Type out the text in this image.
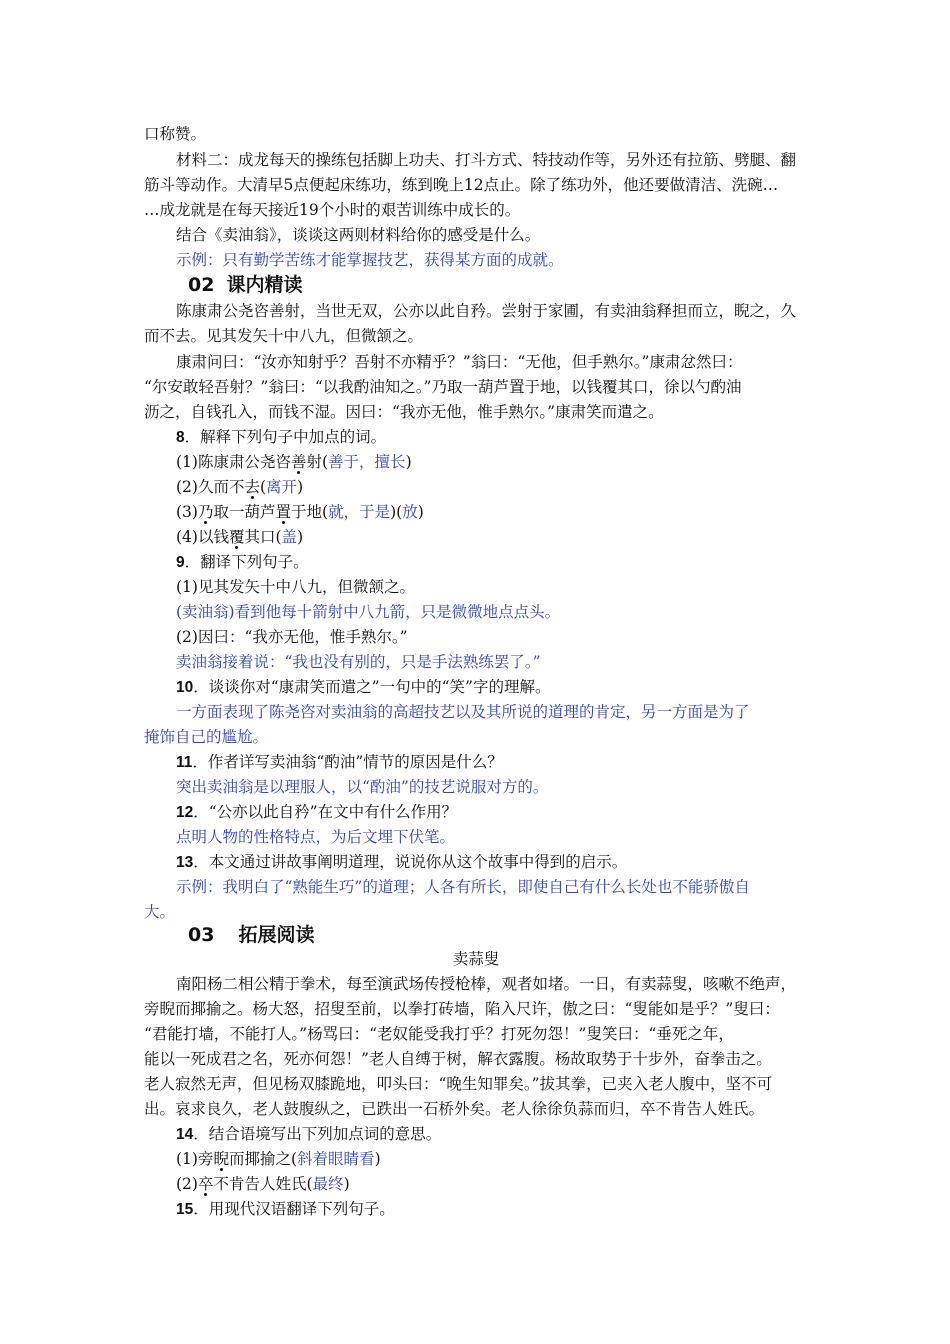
口称赞。
材料二：成龙每天的操练包括脚上功夫、打斗方式、特技动作等，另外还有拉筋、劈腿、翻
筋斗等动作。大清早5点便起床练功，练到晚上12点止。除了练功外，他还要做清洁、洗碗…
…成龙就是在每天接近19个小时的艰苦训练中成长的。
结合《卖油翁》，谈谈这两则材料给你的感受是什么。
示例：只有勤学苦练才能掌握技艺，获得某方面的成就。
02 课内精读
陈康肃公尧咨善射，当世无双，公亦以此自矜。尝射于家圃，有卖油翁释担而立，睨之，久
而不去。见其发矢十中八九，但微颔之。
康肃问曰：“汝亦知射乎？吾射不亦精乎？”翁曰：“无他，但手熟尔。”康肃忿然曰：
“尔安敢轻吾射？”翁曰：“以我酌油知之。”乃取一葫芦置于地，以钱覆其口，徐以勺酌油
沥之，自钱孔入，而钱不湿。因曰：“我亦无他，惟手熟尔。”康肃笑而遣之。
8．解释下列句子中加点的词。
(1)陈康肃公尧咨善射(善于，擅长)
(2)久而不去(离开)
(3)乃取一葫芦置于地(就，于是)(放)
(4)以钱覆其口(盖)
9．翻译下列句子。
(1)见其发矢十中八九，但微颔之。
(卖油翁)看到他每十箭射中八九箭，只是微微地点点头。
(2)因曰：“我亦无他，惟手熟尔。”
卖油翁接着说：“我也没有别的，只是手法熟练罢了。”
10．谈谈你对“康肃笑而遣之”一句中的“笑”字的理解。
一方面表现了陈尧咨对卖油翁的高超技艺以及其所说的道理的肯定，另一方面是为了
掩饰自己的尴尬。
11．作者详写卖油翁“酌油”情节的原因是什么？
突出卖油翁是以理服人，以“酌油”的技艺说服对方的。
12．“公亦以此自矜”在文中有什么作用？
点明人物的性格特点，为后文埋下伏笔。
13．本文通过讲故事阐明道理，说说你从这个故事中得到的启示。
示例：我明白了“熟能生巧”的道理；人各有所长，即使自己有什么长处也不能骄傲自
大。
03 拓展阅读
卖蒜叟
南阳杨二相公精于拳术，每至演武场传授枪棒，观者如堵。一日，有卖蒜叟，咳嗽不绝声，
旁睨而揶揄之。杨大怒，招叟至前，以拳打砖墙，陷入尺许，傲之曰：“叟能如是乎？”叟曰：
“君能打墙，不能打人。”杨骂曰：“老奴能受我打乎？打死勿怨！”叟笑曰：“垂死之年，
能以一死成君之名，死亦何怨！”老人自缚于树，解衣露腹。杨故取势于十步外，奋拳击之。
老人寂然无声，但见杨双膝跪地，叩头曰：“晚生知罪矣。”拔其拳，已夹入老人腹中，坚不可
出。哀求良久，老人鼓腹纵之，已跌出一石桥外矣。老人徐徐负蒜而归，卒不肯告人姓氏。
14．结合语境写出下列加点词的意思。
(1)旁睨而揶揄之(斜着眼睛看)
(2)卒不肯告人姓氏(最终)
15．用现代汉语翻译下列句子。
